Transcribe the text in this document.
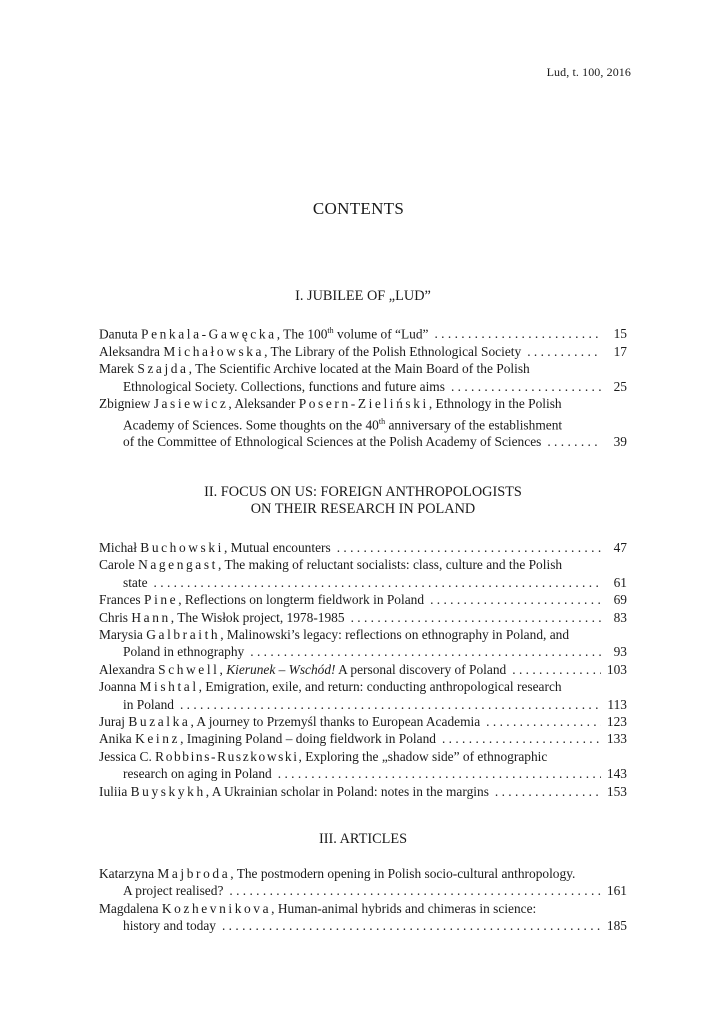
Lud, t. 100, 2016
CONTENTS
I. JUBILEE OF „LUD”
Danuta Penkala-Gawęcka, The 100th volume of “Lud” . . .	15
Aleksandra Michałowska, The Library of the Polish Ethnological Society . . .	17
Marek Szajda, The Scientific Archive located at the Main Board of the Polish
Ethnological Society. Collections, functions and future aims . . .	25
Zbigniew Jasiewicz, Aleksander Posern-Zieliński, Ethnology in the Polish
Academy of Sciences. Some thoughts on the 40th anniversary of the establishment
of the Committee of Ethnological Sciences at the Polish Academy of Sciences . . .	39
II. FOCUS ON US: FOREIGN ANTHROPOLOGISTS
ON THEIR RESEARCH IN POLAND
Michał Buchowski, Mutual encounters . . .	47
Carole Nagengast, The making of reluctant socialists: class, culture and the Polish
state . . .	61
Frances Pine, Reflections on longterm fieldwork in Poland . . .	69
Chris Hann, The Wisłok project, 1978-1985 . . .	83
Marysia Galbraith, Malinowski’s legacy: reflections on ethnography in Poland, and
Poland in ethnography . . .	93
Alexandra Schwell, Kierunek – Wschód! A personal discovery of Poland . . .	103
Joanna Mishtal, Emigration, exile, and return: conducting anthropological research
in Poland . . .	113
Juraj Buzalka, A journey to Przemyśl thanks to European Academia . . .	123
Anika Keinz, Imagining Poland – doing fieldwork in Poland . . .	133
Jessica C. Robbins-Ruszkowski, Exploring the „shadow side” of ethnographic
research on aging in Poland . . .	143
Iuliia Buyskykh, A Ukrainian scholar in Poland: notes in the margins . . .	153
III. ARTICLES
Katarzyna Majbroda, The postmodern opening in Polish socio-cultural anthropology.
A project realised? . . .	161
Magdalena Kozhevnikova, Human-animal hybrids and chimeras in science:
history and today . . .	185
